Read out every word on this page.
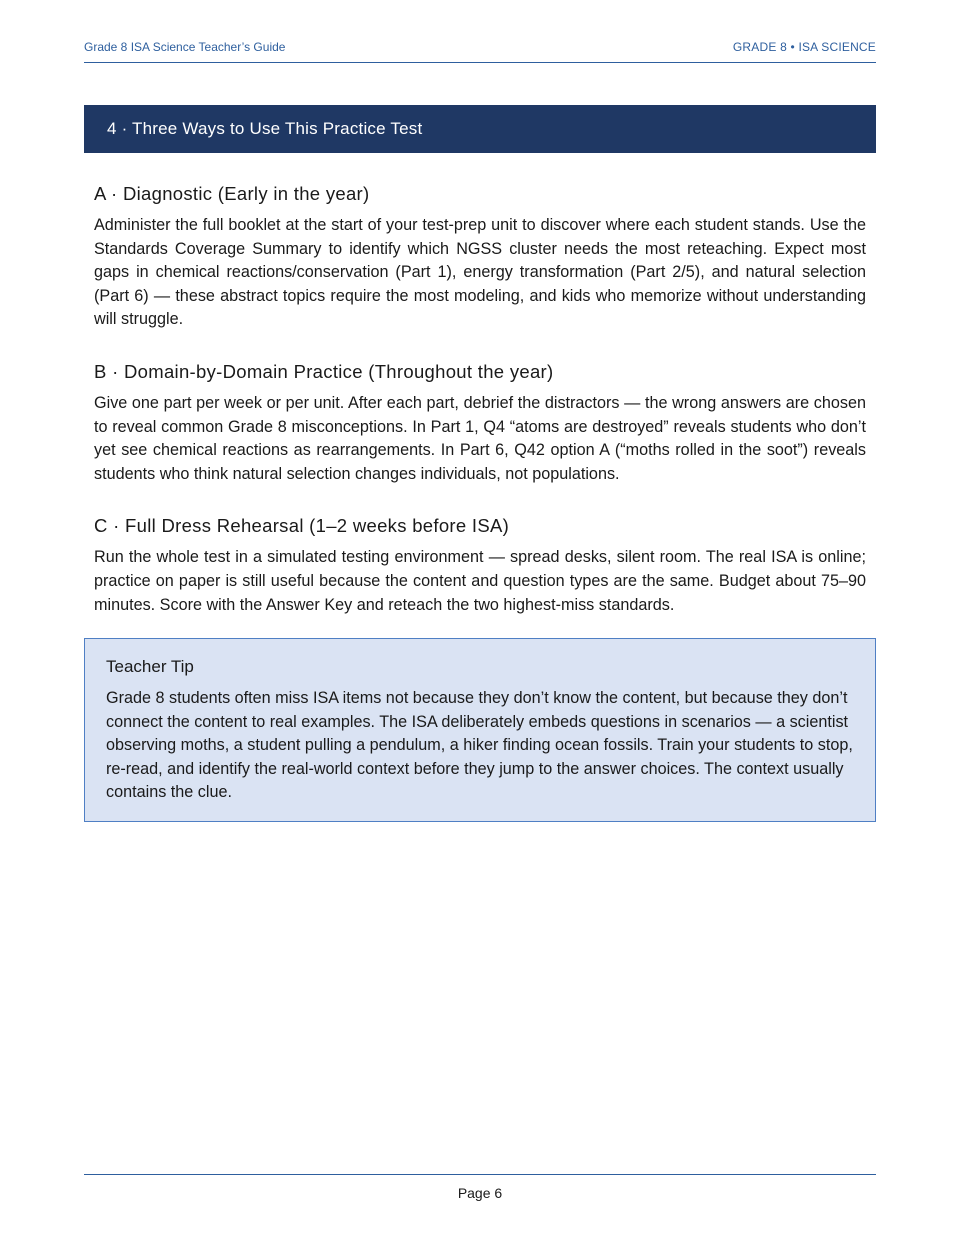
Grade 8 ISA Science Teacher’s Guide	GRADE 8 • ISA SCIENCE
4 · Three Ways to Use This Practice Test
A · Diagnostic (Early in the year)

Administer the full booklet at the start of your test-prep unit to discover where each student stands. Use the Standards Coverage Summary to identify which NGSS cluster needs the most reteaching. Expect most gaps in chemical reactions/conservation (Part 1), energy transformation (Part 2/5), and natural selection (Part 6) — these abstract topics require the most modeling, and kids who memorize without understanding will struggle.

B · Domain-by-Domain Practice (Throughout the year)

Give one part per week or per unit. After each part, debrief the distractors — the wrong answers are chosen to reveal common Grade 8 misconceptions. In Part 1, Q4 “atoms are destroyed” reveals students who don’t yet see chemical reactions as rearrangements. In Part 6, Q42 option A (“moths rolled in the soot”) reveals students who think natural selection changes individuals, not populations.

C · Full Dress Rehearsal (1–2 weeks before ISA)

Run the whole test in a simulated testing environment — spread desks, silent room. The real ISA is online; practice on paper is still useful because the content and question types are the same. Budget about 75–90 minutes. Score with the Answer Key and reteach the two highest-miss standards.

Teacher Tip

Grade 8 students often miss ISA items not because they don’t know the content, but because they don’t connect the content to real examples. The ISA deliberately embeds questions in scenarios — a scientist observing moths, a student pulling a pendulum, a hiker finding ocean fossils. Train your students to stop, re-read, and identify the real-world context before they jump to the answer choices. The context usually contains the clue.

Page 6
